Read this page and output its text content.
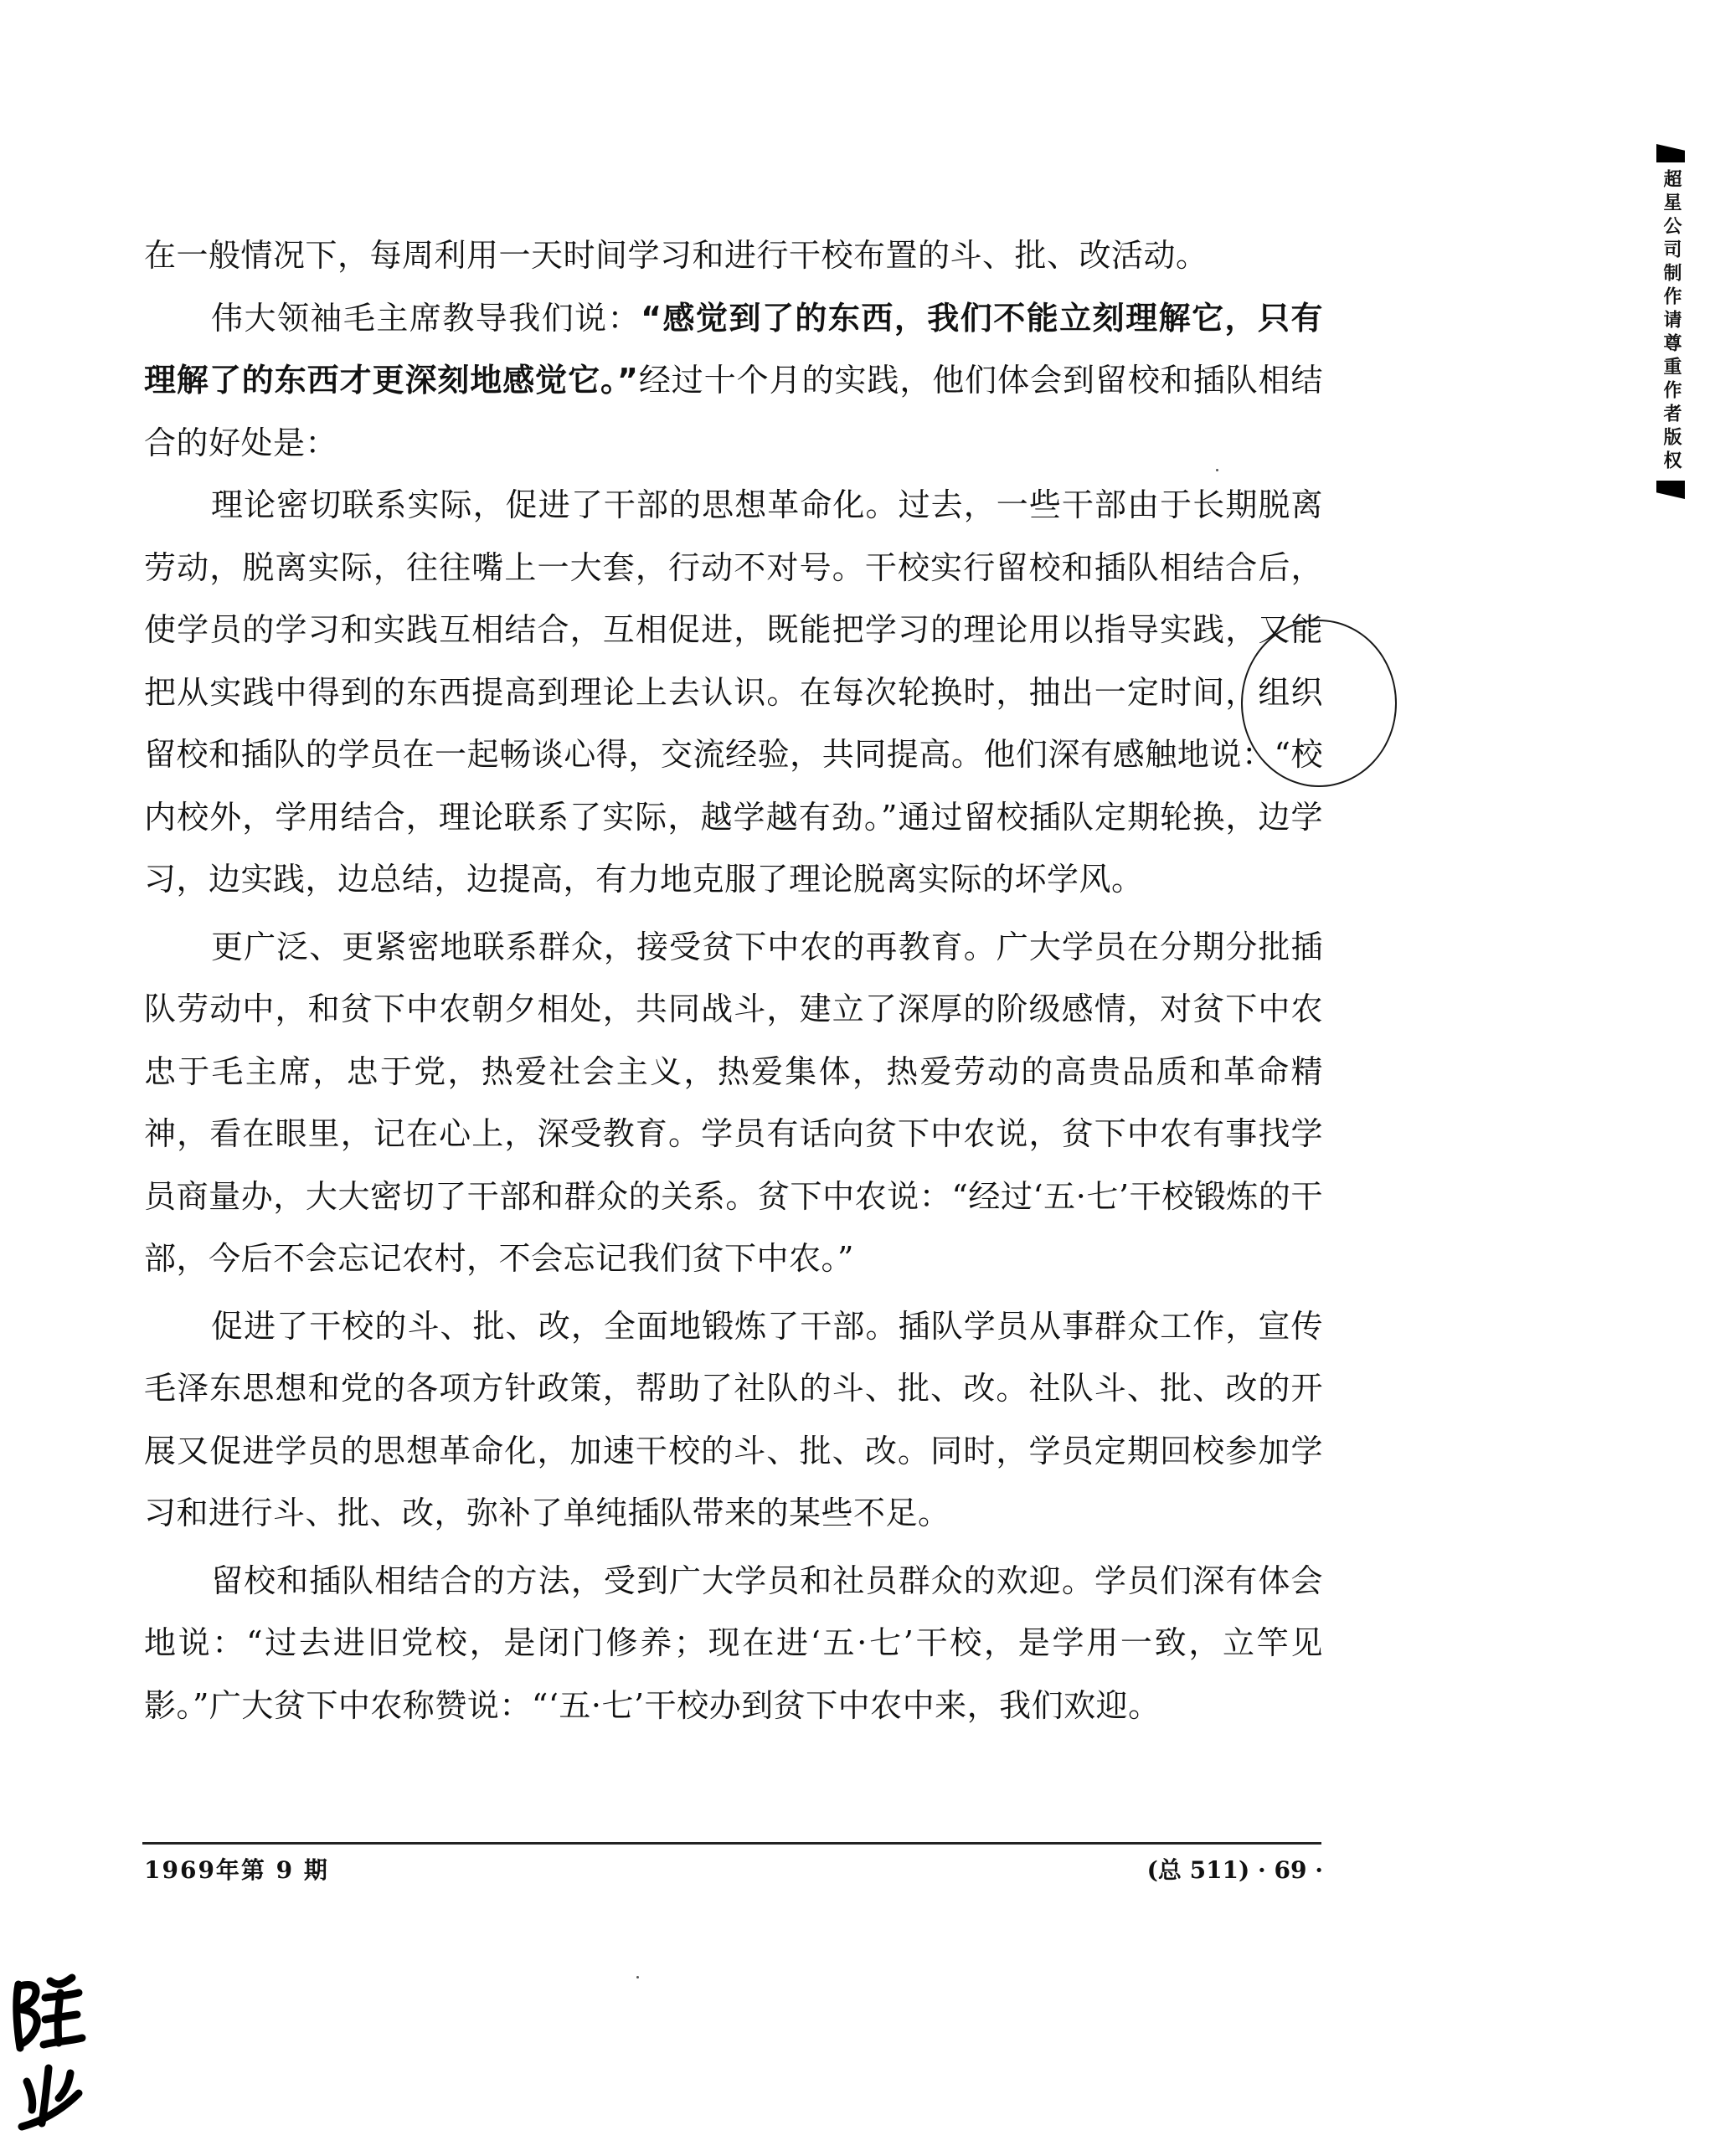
在一般情况下，每周利用一天时间学习和进行干校布置的斗、批、改活动。

伟大领袖毛主席教导我们说：“感觉到了的东西，我们不能立刻理解它，只有理解了的东西才更深刻地感觉它。”经过十个月的实践，他们体会到留校和插队相结合的好处是：

理论密切联系实际，促进了干部的思想革命化。过去，一些干部由于长期脱离劳动，脱离实际，往往嘴上一大套，行动不对号。干校实行留校和插队相结合后，使学员的学习和实践互相结合，互相促进，既能把学习的理论用以指导实践，又能把从实践中得到的东西提高到理论上去认识。在每次轮换时，抽出一定时间，组织留校和插队的学员在一起畅谈心得，交流经验，共同提高。他们深有感触地说：“校内校外，学用结合，理论联系了实际，越学越有劲。”通过留校插队定期轮换，边学习，边实践，边总结，边提高，有力地克服了理论脱离实际的坏学风。

更广泛、更紧密地联系群众，接受贫下中农的再教育。广大学员在分期分批插队劳动中，和贫下中农朝夕相处，共同战斗，建立了深厚的阶级感情，对贫下中农忠于毛主席，忠于党，热爱社会主义，热爱集体，热爱劳动的高贵品质和革命精神，看在眼里，记在心上，深受教育。学员有话向贫下中农说，贫下中农有事找学员商量办，大大密切了干部和群众的关系。贫下中农说：“经过‘五·七’干校锻炼的干部，今后不会忘记农村，不会忘记我们贫下中农。”

促进了干校的斗、批、改，全面地锻炼了干部。插队学员从事群众工作，宣传毛泽东思想和党的各项方针政策，帮助了社队的斗、批、改。社队斗、批、改的开展又促进学员的思想革命化，加速干校的斗、批、改。同时，学员定期回校参加学习和进行斗、批、改，弥补了单纯插队带来的某些不足。

留校和插队相结合的方法，受到广大学员和社员群众的欢迎。学员们深有体会地说：“过去进旧党校，是闭门修养；现在进‘五·七’干校，是学用一致，立竿见影。”广大贫下中农称赞说：“‘五·七’干校办到贫下中农中来，我们欢迎。

1969年第 9 期	(总 511) · 69 ·
超星公司制作请尊重作者版权
